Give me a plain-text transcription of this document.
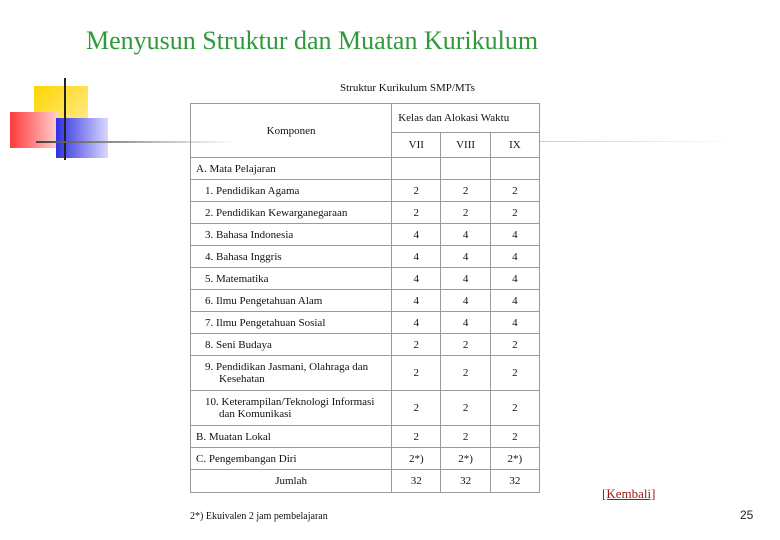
Menyusun Struktur dan Muatan Kurikulum
Struktur Kurikulum SMP/MTs
Komponen	Kelas dan Alokasi Waktu		
	VII	VIII	IX
A. Mata Pelajaran			
1. Pendidikan Agama	2	2	2
2. Pendidikan Kewarganegaraan	2	2	2
3. Bahasa Indonesia	4	4	4
4. Bahasa Inggris	4	4	4
5. Matematika	4	4	4
6. Ilmu Pengetahuan Alam	4	4	4
7. Ilmu Pengetahuan Sosial	4	4	4
8. Seni Budaya	2	2	2

9. Pendidikan Jasmani, Olahraga dan
Kesehatan	2	2	2

10. Keterampilan/Teknologi Informasi
dan Komunikasi	2	2	2
B. Muatan Lokal	2	2	2
C. Pengembangan Diri	2*)	2*)	2*)
Jumlah	32	32	32
2*) Ekuivalen 2 jam pembelajaran
[Kembali]
25
